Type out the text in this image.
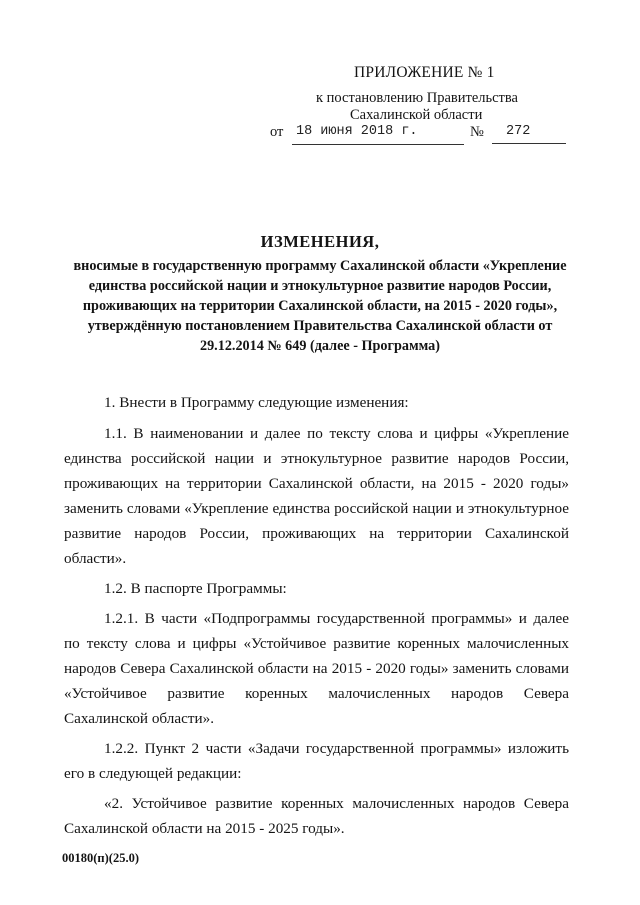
ПРИЛОЖЕНИЕ № 1
к постановлению Правительства
Сахалинской области
от 18 июня 2018 г.	№	272
ИЗМЕНЕНИЯ,
вносимые в государственную программу Сахалинской области «Укрепление единства российской нации и этнокультурное развитие народов России, проживающих на территории Сахалинской области, на 2015 - 2020 годы», утверждённую постановлением Правительства Сахалинской области от 29.12.2014 № 649 (далее - Программа)

1. Внести в Программу следующие изменения:

1.1. В наименовании и далее по тексту слова и цифры «Укрепление единства российской нации и этнокультурное развитие народов России, проживающих на территории Сахалинской области, на 2015 - 2020 годы» заменить словами «Укрепление единства российской нации и этнокультурное развитие народов России, проживающих на территории Сахалинской области».

1.2. В паспорте Программы:

1.2.1. В части «Подпрограммы государственной программы» и далее по тексту слова и цифры «Устойчивое развитие коренных малочисленных народов Севера Сахалинской области на 2015 - 2020 годы» заменить словами «Устойчивое развитие коренных малочисленных народов Севера Сахалинской области».

1.2.2. Пункт 2 части «Задачи государственной программы» изложить его в следующей редакции:

«2. Устойчивое развитие коренных малочисленных народов Севера Сахалинской области на 2015 - 2025 годы».

00180(п)(25.0)
